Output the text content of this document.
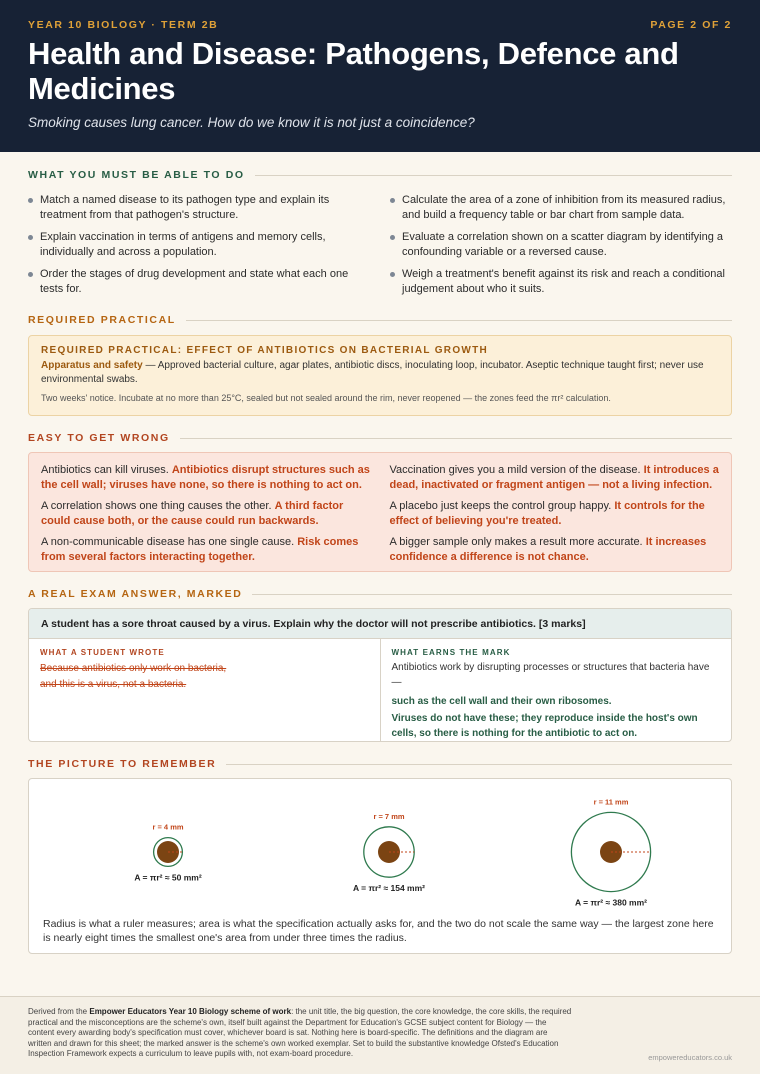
YEAR 10 BIOLOGY · TERM 2B	PAGE 2 OF 2
Health and Disease: Pathogens, Defence and Medicines
Smoking causes lung cancer. How do we know it is not just a coincidence?
WHAT YOU MUST BE ABLE TO DO
Match a named disease to its pathogen type and explain its treatment from that pathogen's structure.
Explain vaccination in terms of antigens and memory cells, individually and across a population.
Order the stages of drug development and state what each one tests for.
Calculate the area of a zone of inhibition from its measured radius, and build a frequency table or bar chart from sample data.
Evaluate a correlation shown on a scatter diagram by identifying a confounding variable or a reversed cause.
Weigh a treatment's benefit against its risk and reach a conditional judgement about who it suits.
REQUIRED PRACTICAL
REQUIRED PRACTICAL: EFFECT OF ANTIBIOTICS ON BACTERIAL GROWTH
Apparatus and safety — Approved bacterial culture, agar plates, antibiotic discs, inoculating loop, incubator. Aseptic technique taught first; never use environmental swabs.
Two weeks' notice. Incubate at no more than 25°C, sealed but not sealed around the rim, never reopened — the zones feed the πr² calculation.
EASY TO GET WRONG
Antibiotics can kill viruses. Antibiotics disrupt structures such as the cell wall; viruses have none, so there is nothing to act on.
Vaccination gives you a mild version of the disease. It introduces a dead, inactivated or fragment antigen — not a living infection.
A correlation shows one thing causes the other. A third factor could cause both, or the cause could run backwards.
A placebo just keeps the control group happy. It controls for the effect of believing you're treated.
A non-communicable disease has one single cause. Risk comes from several factors interacting together.
A bigger sample only makes a result more accurate. It increases confidence a difference is not chance.
A REAL EXAM ANSWER, MARKED
A student has a sore throat caused by a virus. Explain why the doctor will not prescribe antibiotics. [3 marks]
WHAT A STUDENT WROTE
Because antibiotics only work on bacteria,
and this is a virus, not a bacteria.
WHAT EARNS THE MARK
Antibiotics work by disrupting processes or structures that bacteria have —
such as the cell wall and their own ribosomes.
Viruses do not have these; they reproduce inside the host's own cells, so there is nothing for the antibiotic to act on.
THE PICTURE TO REMEMBER
r = 4 mm
A = πr² ≈ 50 mm²
r = 7 mm
A = πr² ≈ 154 mm²
r = 11 mm
A = πr² ≈ 380 mm²
Radius is what a ruler measures; area is what the specification actually asks for, and the two do not scale the same way — the largest zone here is nearly eight times the smallest one's area from under three times the radius.
Derived from the Empower Educators Year 10 Biology scheme of work: the unit title, the big question, the core knowledge, the core skills, the required practical and the misconceptions are the scheme's own, itself built against the Department for Education's GCSE subject content for Biology — the content every awarding body's specification must cover, whichever board is sat. Nothing here is board-specific. The definitions and the diagram are written and drawn for this sheet; the marked answer is the scheme's own worked exemplar. Set to build the substantive knowledge Ofsted's Education Inspection Framework expects a curriculum to leave pupils with, not exam-board procedure.	empowereducators.co.uk
